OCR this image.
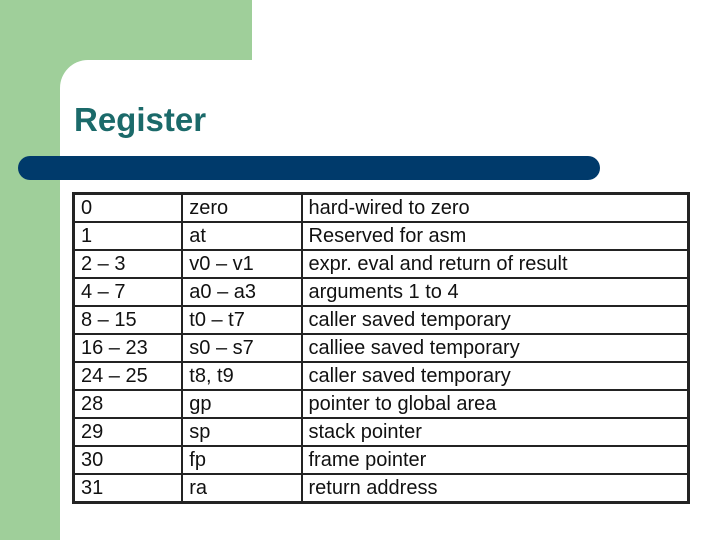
Register
0	zero	hard-wired to zero
1	at	Reserved for asm
2 – 3	v0 – v1	expr. eval and return of result
4 – 7	a0 – a3	arguments 1 to 4
8 – 15	t0 – t7	caller saved temporary
16 – 23	s0 – s7	calliee saved temporary
24 – 25	t8, t9	caller saved temporary
28	gp	pointer to global area
29	sp	stack pointer
30	fp	frame pointer
31	ra	return address
